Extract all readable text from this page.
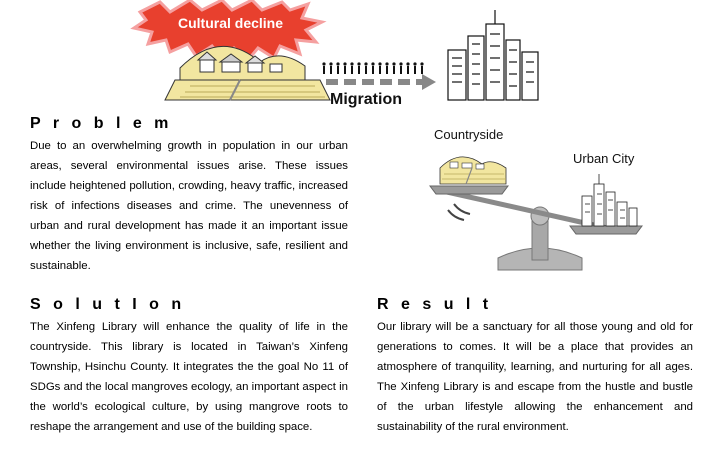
Cultural decline
Migration
Countryside
Urban City
P r o b l e m

Due to an overwhelming growth in population in our urban areas, several environmental issues arise. These issues include heightened pollution, crowding, heavy traffic, increased risk of infections diseases and crime. The unevenness of urban and rural development has made it an important issue whether the living environment is inclusive, safe, resilient and sustainable.

S o l u t I o n

The Xinfeng Library will enhance the quality of life in the countryside. This library is located in Taiwan’s Xinfeng Township, Hsinchu County. It integrates the the goal No 11 of SDGs and the local mangroves ecology, an important aspect in the world’s ecological culture, by using mangrove roots to reshape the arrangement and use of the building space.

R e s u l t

Our library will be a sanctuary for all those young and old for generations to comes. It will be a place that provides an atmosphere of tranquility, learning, and nurturing for all ages. The Xinfeng Library is and escape from the hustle and bustle of the urban lifestyle allowing the enhancement and sustainability of the rural environment.
